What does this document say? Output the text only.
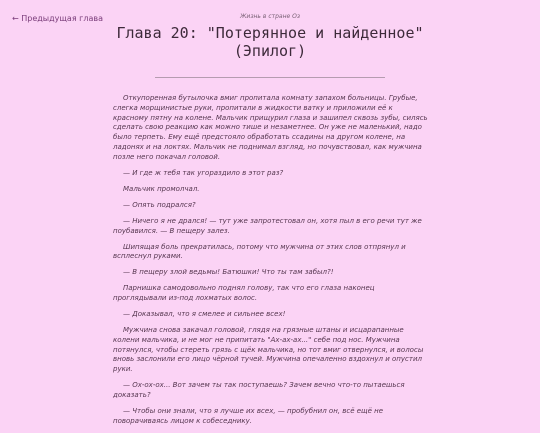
← Предыдущая глава	Жизнь в стране Оз
Глава 20: "Потерянное и найденное" (Эпилог)

Откупоренная бутылочка вмиг пропитала комнату запахом больницы. Грубые, слегка морщинистые руки, пропитали в жидкости ватку и приложили её к красному пятну на колене. Мальчик прищурил глаза и зашипел сквозь зубы, силясь сделать свою реакцию как можно тише и незаметнее. Он уже не маленький, надо было терпеть. Ему ещё предстояло обработать ссадины на другом колене, на ладонях и на локтях. Мальчик не поднимал взгляд, но почувствовал, как мужчина позле него покачал головой.

— И где ж тебя так угораздило в этот раз?

Мальчик промолчал.

— Опять подрался?

— Ничего я не дрался! — тут уже запротестовал он, хотя пыл в его речи тут же поубавился. — В пещеру залез.

Шипящая боль прекратилась, потому что мужчина от этих слов отпрянул и всплеснул руками.

— В пещеру злой ведьмы! Батюшки! Что ты там забыл?!

Парнишка самодовольно поднял голову, так что его глаза наконец проглядывали из-под лохматых волос.

— Доказывал, что я смелее и сильнее всех!

Мужчина снова закачал головой, глядя на грязные штаны и исцарапанные колени мальчика, и не мог не припитать "Ах-ах-ах..." себе под нос. Мужчина потянулся, чтобы стереть грязь с щёк мальчика, но тот вмиг отвернулся, и волосы вновь заслонили его лицо чёрной тучей. Мужчина опечаленно вздохнул и опустил руки.

— Ох-ох-ох... Вот зачем ты так поступаешь? Зачем вечно что-то пытаешься доказать?

— Чтобы они знали, что я лучше их всех, — пробубнил он, всё ещё не поворачиваясь лицом к собеседнику.
